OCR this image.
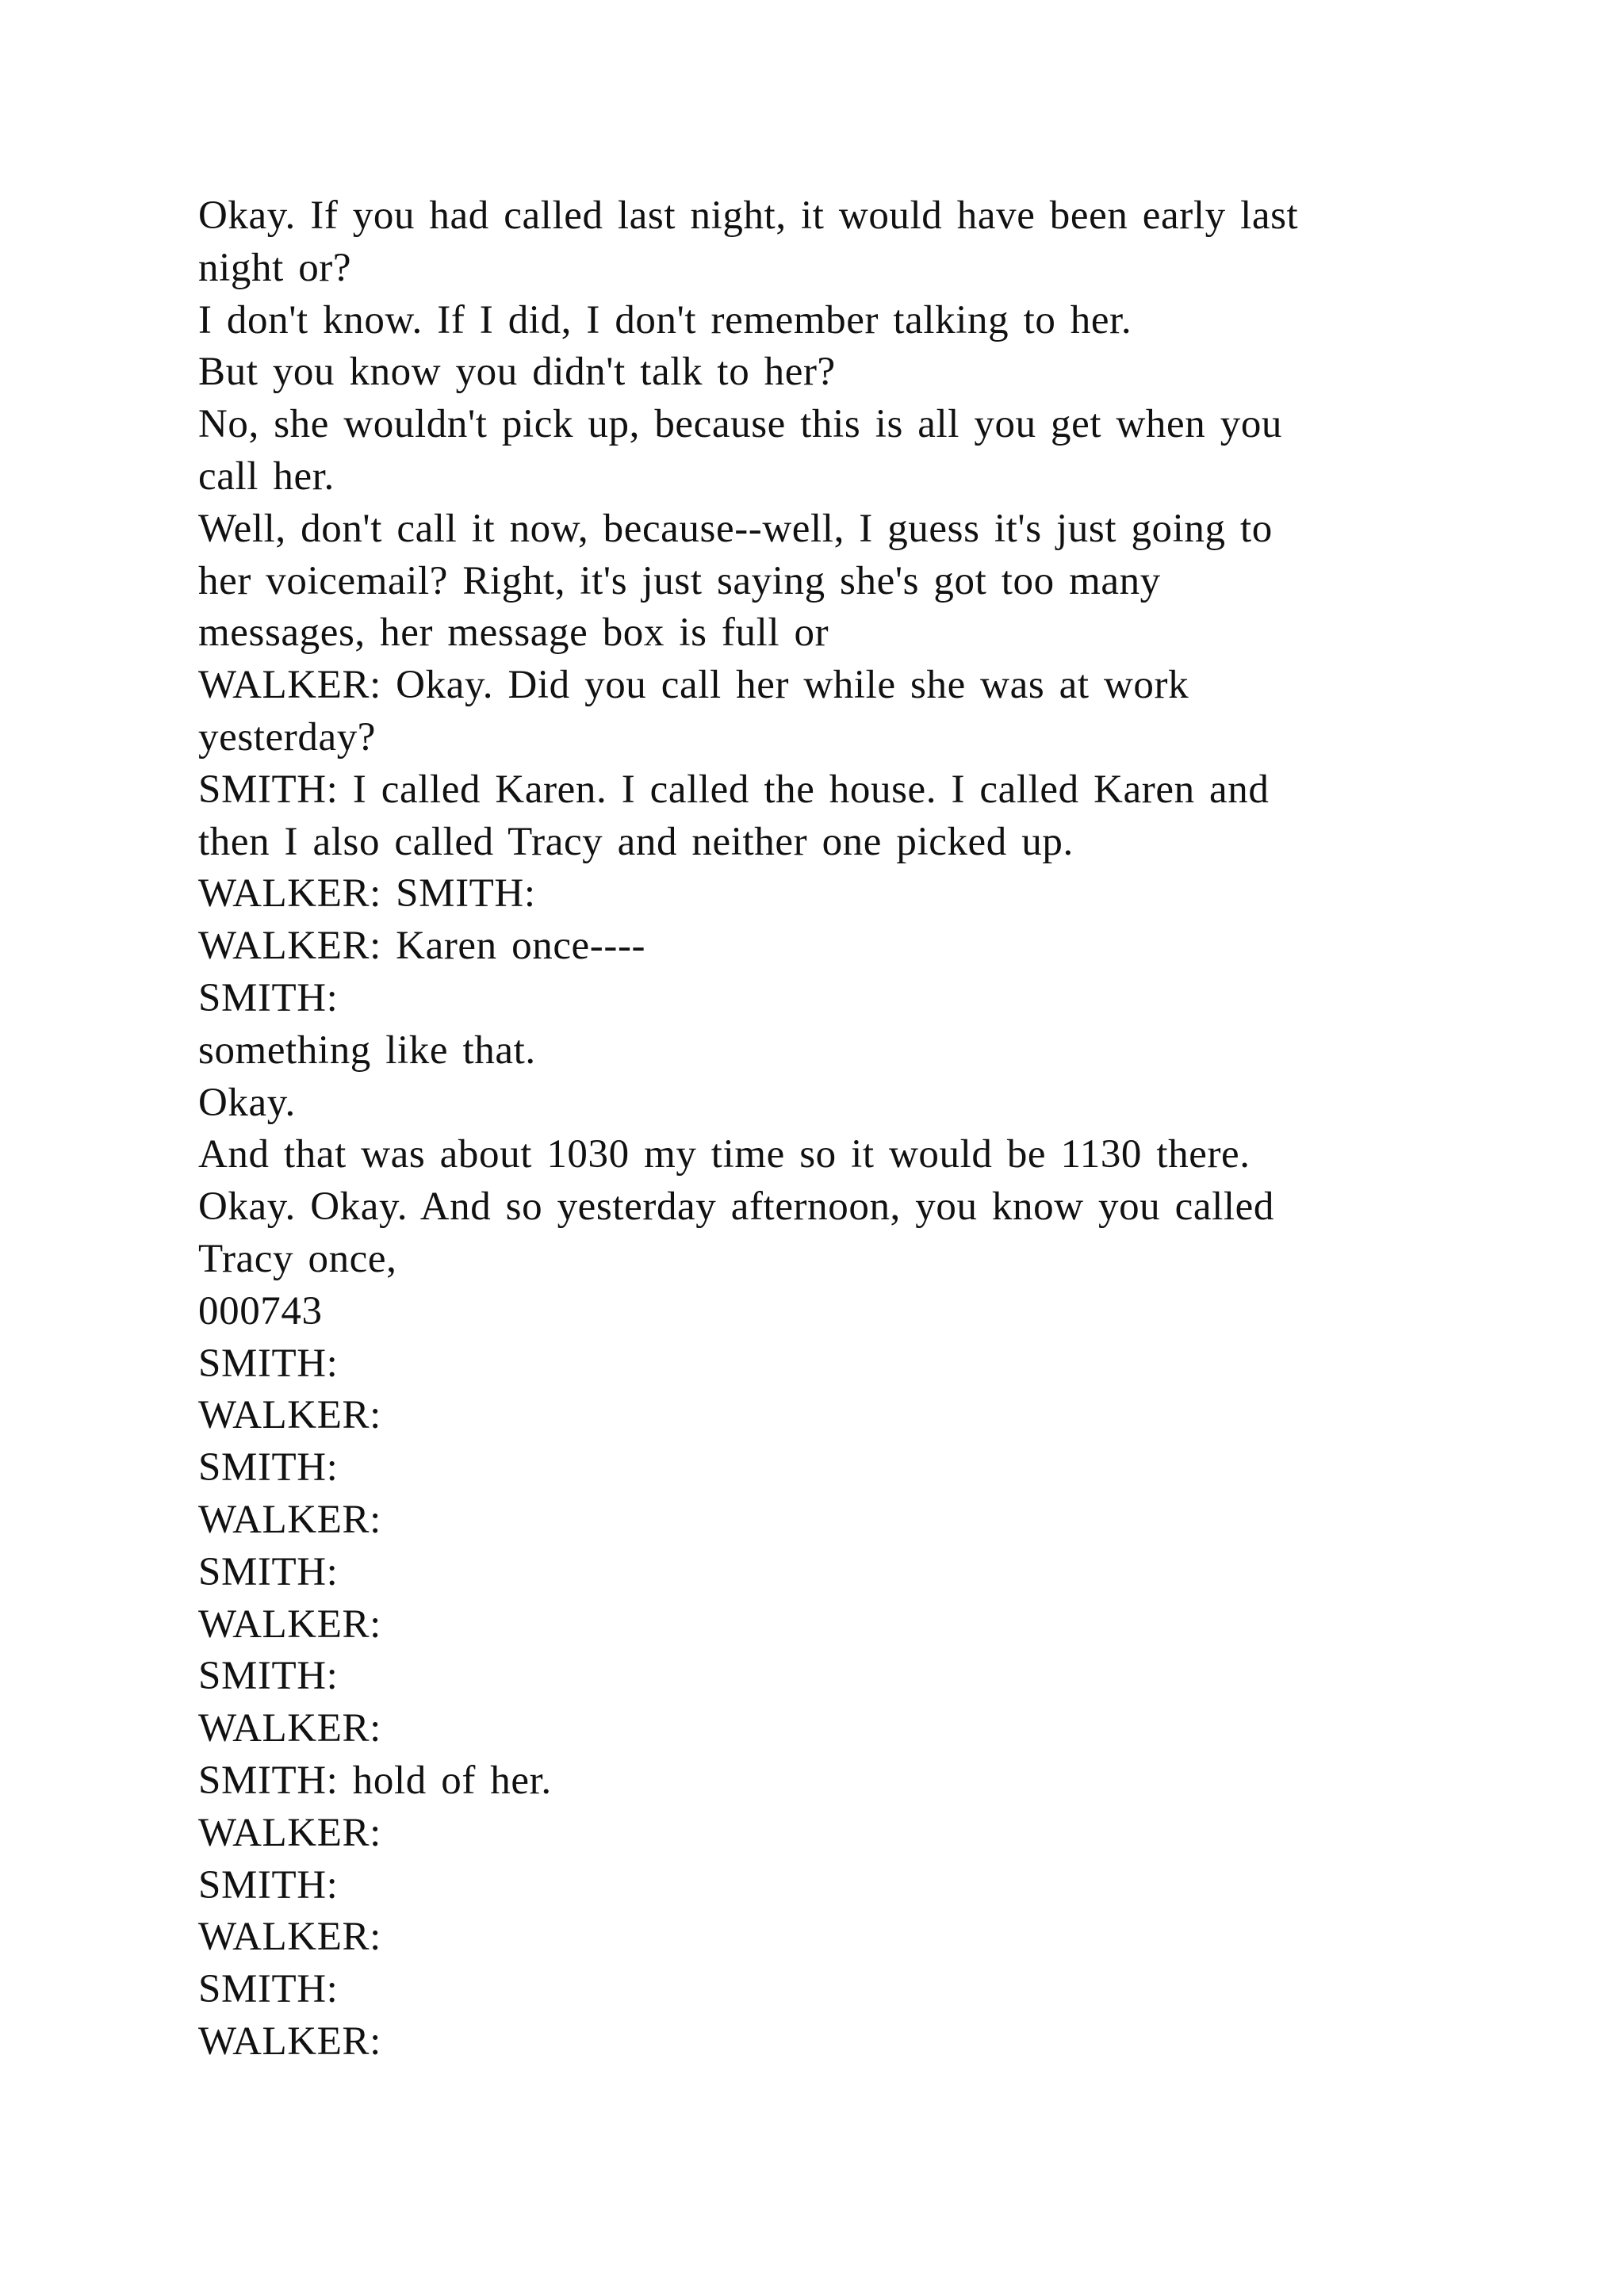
Okay. If you had called last night, it would have been early last
night or?
I don't know. If I did, I don't remember talking to her.
But you know you didn't talk to her?
No, she wouldn't pick up, because this is all you get when you
call her.
Well, don't call it now, because--well, I guess it's just going to
her voicemail? Right, it's just saying she's got too many
messages, her message box is full or
WALKER: Okay. Did you call her while she was at work
yesterday?
SMITH: I called Karen. I called the house. I called Karen and
then I also called Tracy and neither one picked up.
WALKER: SMITH:
WALKER: Karen once----
SMITH:
something like that.
Okay.
And that was about 1030 my time so it would be 1130 there.
Okay. Okay. And so yesterday afternoon, you know you called
Tracy once,
000743
SMITH:
WALKER:
SMITH:
WALKER:
SMITH:
WALKER:
SMITH:
WALKER:
SMITH: hold of her.
WALKER:
SMITH:
WALKER:
SMITH:
WALKER:
